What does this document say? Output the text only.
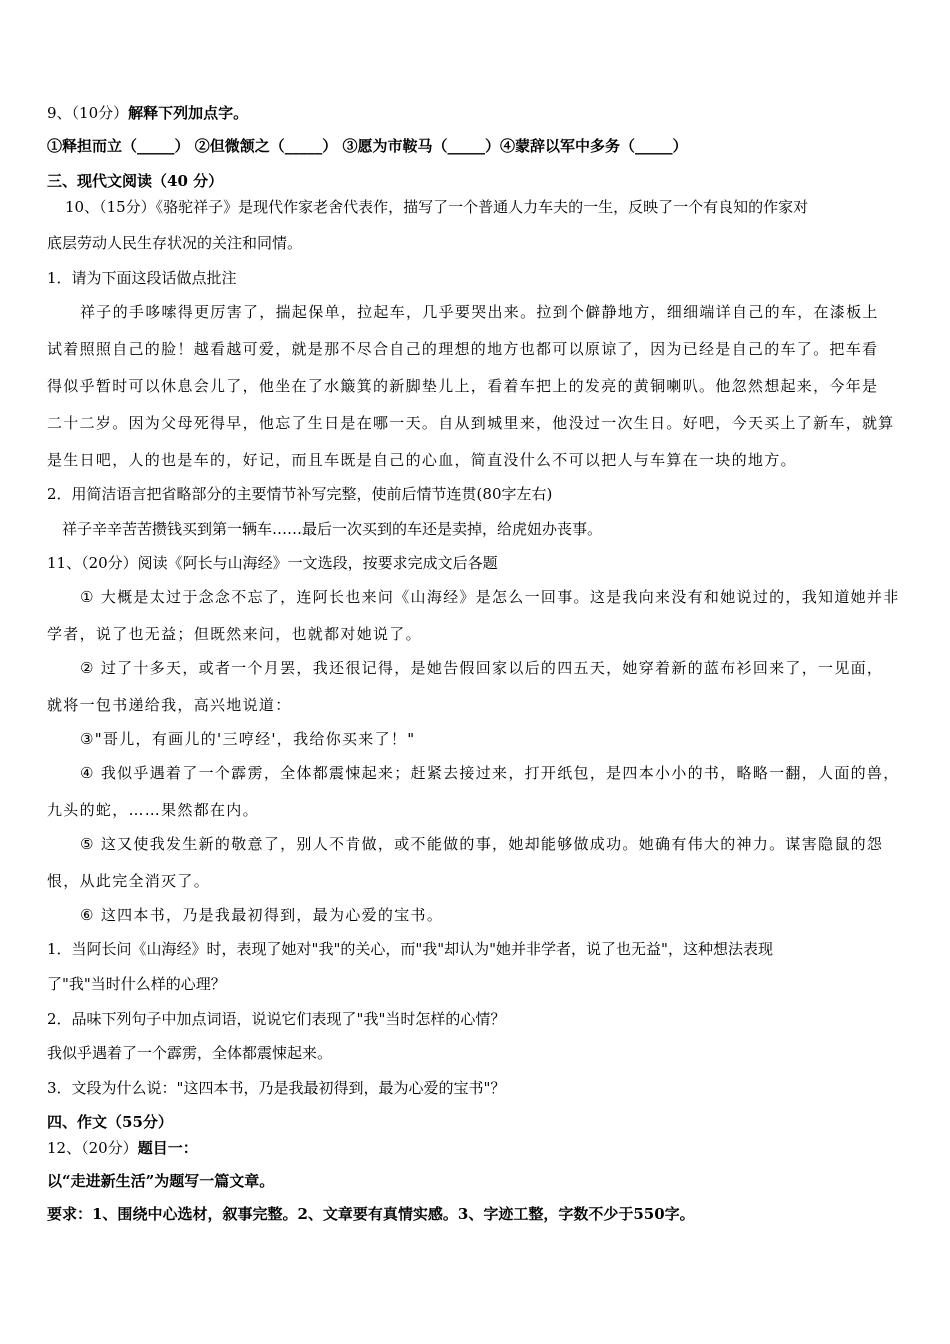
9、（10分）解释下列加点字。
①释担而立（_____） ②但微颔之（_____） ③愿为市鞍马（_____）④蒙辞以军中多务（_____）
三、现代文阅读（40 分）
10、（15分）《骆驼祥子》是现代作家老舍代表作，描写了一个普通人力车夫的一生，反映了一个有良知的作家对
底层劳动人民生存状况的关注和同情。
1．请为下面这段话做点批注
祥子的手哆嗦得更厉害了，揣起保单，拉起车，几乎要哭出来。拉到个僻静地方，细细端详自己的车，在漆板上
试着照照自己的脸！越看越可爱，就是那不尽合自己的理想的地方也都可以原谅了，因为已经是自己的车了。把车看
得似乎暂时可以休息会儿了，他坐在了水簸箕的新脚垫儿上，看着车把上的发亮的黄铜喇叭。他忽然想起来，今年是
二十二岁。因为父母死得早，他忘了生日是在哪一天。自从到城里来，他没过一次生日。好吧，今天买上了新车，就算
是生日吧，人的也是车的，好记，而且车既是自己的心血，简直没什么不可以把人与车算在一块的地方。
2．用简洁语言把省略部分的主要情节补写完整，使前后情节连贯(80字左右)
祥子辛辛苦苦攒钱买到第一辆车……最后一次买到的车还是卖掉，给虎妞办丧事。
11、（20分）阅读《阿长与山海经》一文选段，按要求完成文后各题
① 大概是太过于念念不忘了，连阿长也来问《山海经》是怎么一回事。这是我向来没有和她说过的，我知道她并非
学者，说了也无益；但既然来问，也就都对她说了。
② 过了十多天，或者一个月罢，我还很记得，是她告假回家以后的四五天，她穿着新的蓝布衫回来了，一见面，
就将一包书递给我，高兴地说道：
③"哥儿，有画儿的'三哼经'，我给你买来了！"
④ 我似乎遇着了一个霹雳，全体都震悚起来；赶紧去接过来，打开纸包，是四本小小的书，略略一翻，人面的兽，
九头的蛇，……果然都在内。
⑤ 这又使我发生新的敬意了，别人不肯做，或不能做的事，她却能够做成功。她确有伟大的神力。谋害隐鼠的怨
恨，从此完全消灭了。
⑥ 这四本书，乃是我最初得到，最为心爱的宝书。
1．当阿长问《山海经》时，表现了她对"我"的关心，而"我"却认为"她并非学者，说了也无益"，这种想法表现
了"我"当时什么样的心理？
2．品味下列句子中加点词语，说说它们表现了"我"当时怎样的心情？
我似乎遇着了一个霹雳，全体都震悚起来。
3．文段为什么说："这四本书，乃是我最初得到，最为心爱的宝书"？
四、作文（55分）
12、（20分）题目一：
以“走进新生活”为题写一篇文章。
要求：1、围绕中心选材，叙事完整。2、文章要有真情实感。3、字迹工整，字数不少于550字。
